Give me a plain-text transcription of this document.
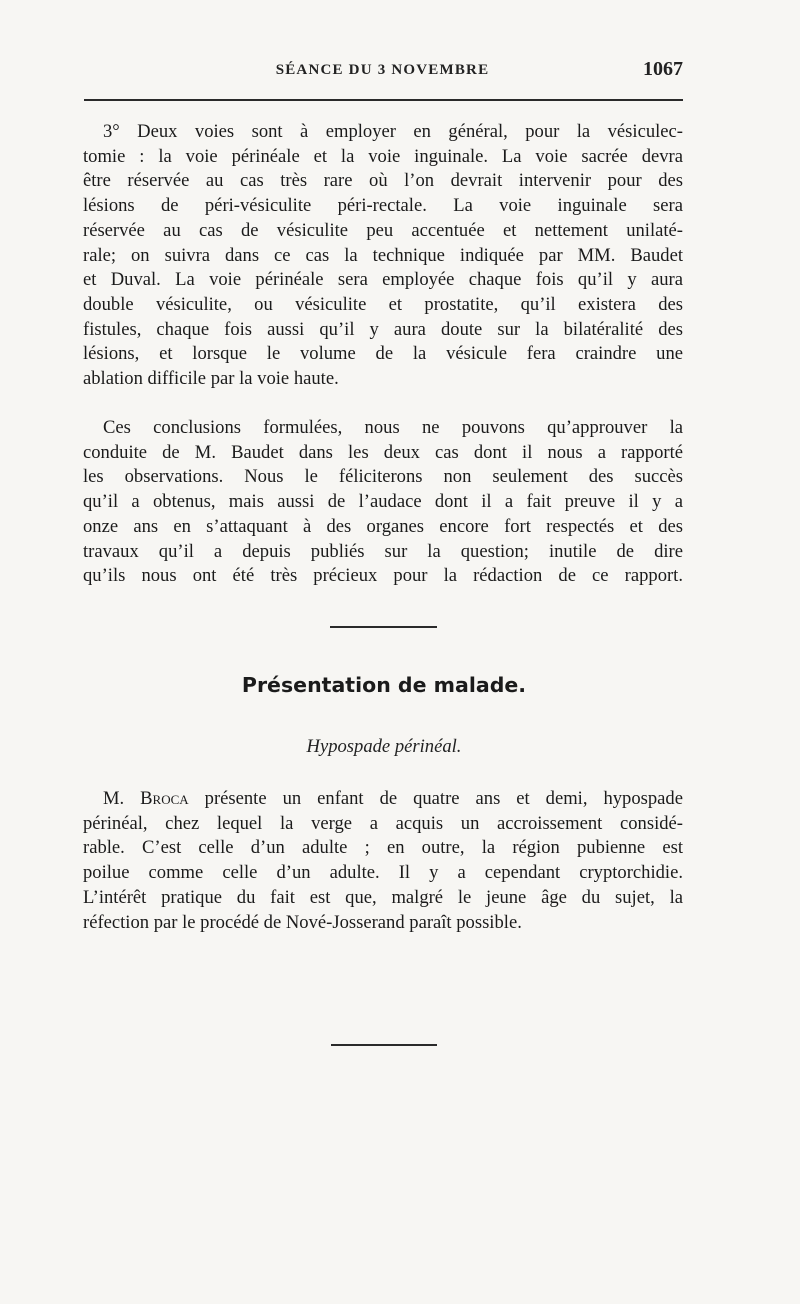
SÉANCE DU 3 NOVEMBRE	1067
3° Deux voies sont à employer en général, pour la vésiculec-
tomie : la voie périnéale et la voie inguinale. La voie sacrée devra
être réservée au cas très rare où l’on devrait intervenir pour des
lésions de péri-vésiculite péri-rectale. La voie inguinale sera
réservée au cas de vésiculite peu accentuée et nettement unilaté-
rale; on suivra dans ce cas la technique indiquée par MM. Baudet
et Duval. La voie périnéale sera employée chaque fois qu’il y aura
double vésiculite, ou vésiculite et prostatite, qu’il existera des
fistules, chaque fois aussi qu’il y aura doute sur la bilatéralité des
lésions, et lorsque le volume de la vésicule fera craindre une
ablation difficile par la voie haute.
Ces conclusions formulées, nous ne pouvons qu’approuver la
conduite de M. Baudet dans les deux cas dont il nous a rapporté
les observations. Nous le féliciterons non seulement des succès
qu’il a obtenus, mais aussi de l’audace dont il a fait preuve il y a
onze ans en s’attaquant à des organes encore fort respectés et des
travaux qu’il a depuis publiés sur la question; inutile de dire
qu’ils nous ont été très précieux pour la rédaction de ce rapport.
Présentation de malade.
Hypospade périnéal.
M. Broca présente un enfant de quatre ans et demi, hypospade
périnéal, chez lequel la verge a acquis un accroissement considé-
rable. C’est celle d’un adulte ; en outre, la région pubienne est
poilue comme celle d’un adulte. Il y a cependant cryptorchidie.
L’intérêt pratique du fait est que, malgré le jeune âge du sujet, la
réfection par le procédé de Nové-Josserand paraît possible.
